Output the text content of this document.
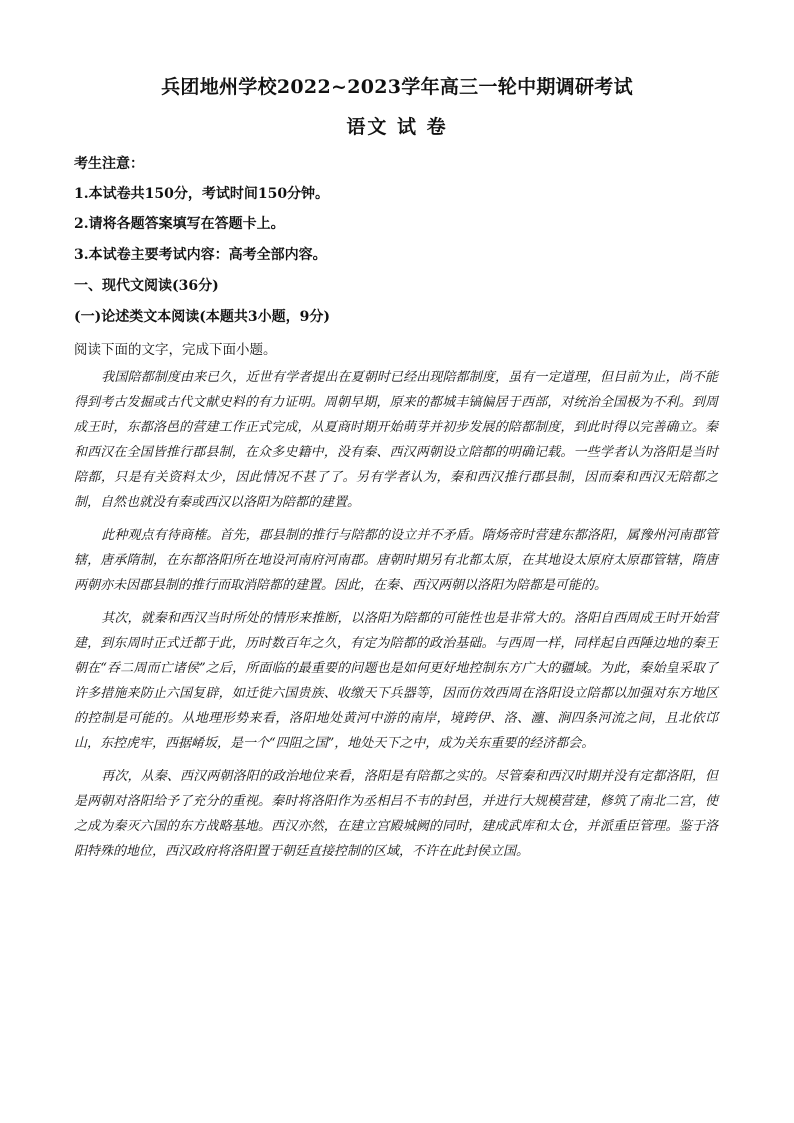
兵团地州学校2022~2023学年高三一轮中期调研考试
语文 试 卷
考生注意：
1.本试卷共150分，考试时间150分钟。
2.请将各题答案填写在答题卡上。
3.本试卷主要考试内容：高考全部内容。
一、现代文阅读(36分)
(一)论述类文本阅读(本题共3小题，9分)
阅读下面的文字，完成下面小题。

我国陪都制度由来已久，近世有学者提出在夏朝时已经出现陪都制度，虽有一定道理，但目前为止，尚不能得到考古发掘或古代文献史料的有力证明。周朝早期，原来的都城丰镐偏居于西部，对统治全国极为不利。到周成王时，东都洛邑的营建工作正式完成，从夏商时期开始萌芽并初步发展的陪都制度，到此时得以完善确立。秦和西汉在全国皆推行郡县制，在众多史籍中，没有秦、西汉两朝设立陪都的明确记载。一些学者认为洛阳是当时陪都，只是有关资料太少，因此情况不甚了了。另有学者认为，秦和西汉推行郡县制，因而秦和西汉无陪都之制，自然也就没有秦或西汉以洛阳为陪都的建置。

此种观点有待商榷。首先，郡县制的推行与陪都的设立并不矛盾。隋炀帝时营建东都洛阳，属豫州河南郡管辖，唐承隋制，在东都洛阳所在地设河南府河南郡。唐朝时期另有北都太原，在其地设太原府太原郡管辖，隋唐两朝亦未因郡县制的推行而取消陪都的建置。因此，在秦、西汉两朝以洛阳为陪都是可能的。

其次，就秦和西汉当时所处的情形来推断，以洛阳为陪都的可能性也是非常大的。洛阳自西周成王时开始营建，到东周时正式迁都于此，历时数百年之久，有定为陪都的政治基础。与西周一样，同样起自西陲边地的秦王朝在“吞二周而亡诸侯”之后，所面临的最重要的问题也是如何更好地控制东方广大的疆域。为此，秦始皇采取了许多措施来防止六国复辟，如迁徙六国贵族、收缴天下兵器等，因而仿效西周在洛阳设立陪都以加强对东方地区的控制是可能的。从地理形势来看，洛阳地处黄河中游的南岸，境跨伊、洛、瀍、涧四条河流之间，且北依邙山，东控虎牢，西据崤坂，是一个“四阻之国”，地处天下之中，成为关东重要的经济都会。

再次，从秦、西汉两朝洛阳的政治地位来看，洛阳是有陪都之实的。尽管秦和西汉时期并没有定都洛阳，但是两朝对洛阳给予了充分的重视。秦时将洛阳作为丞相吕不韦的封邑，并进行大规模营建，修筑了南北二宫，使之成为秦灭六国的东方战略基地。西汉亦然，在建立宫殿城阙的同时，建成武库和太仓，并派重臣管理。鉴于洛阳特殊的地位，西汉政府将洛阳置于朝廷直接控制的区域，不许在此封侯立国。
